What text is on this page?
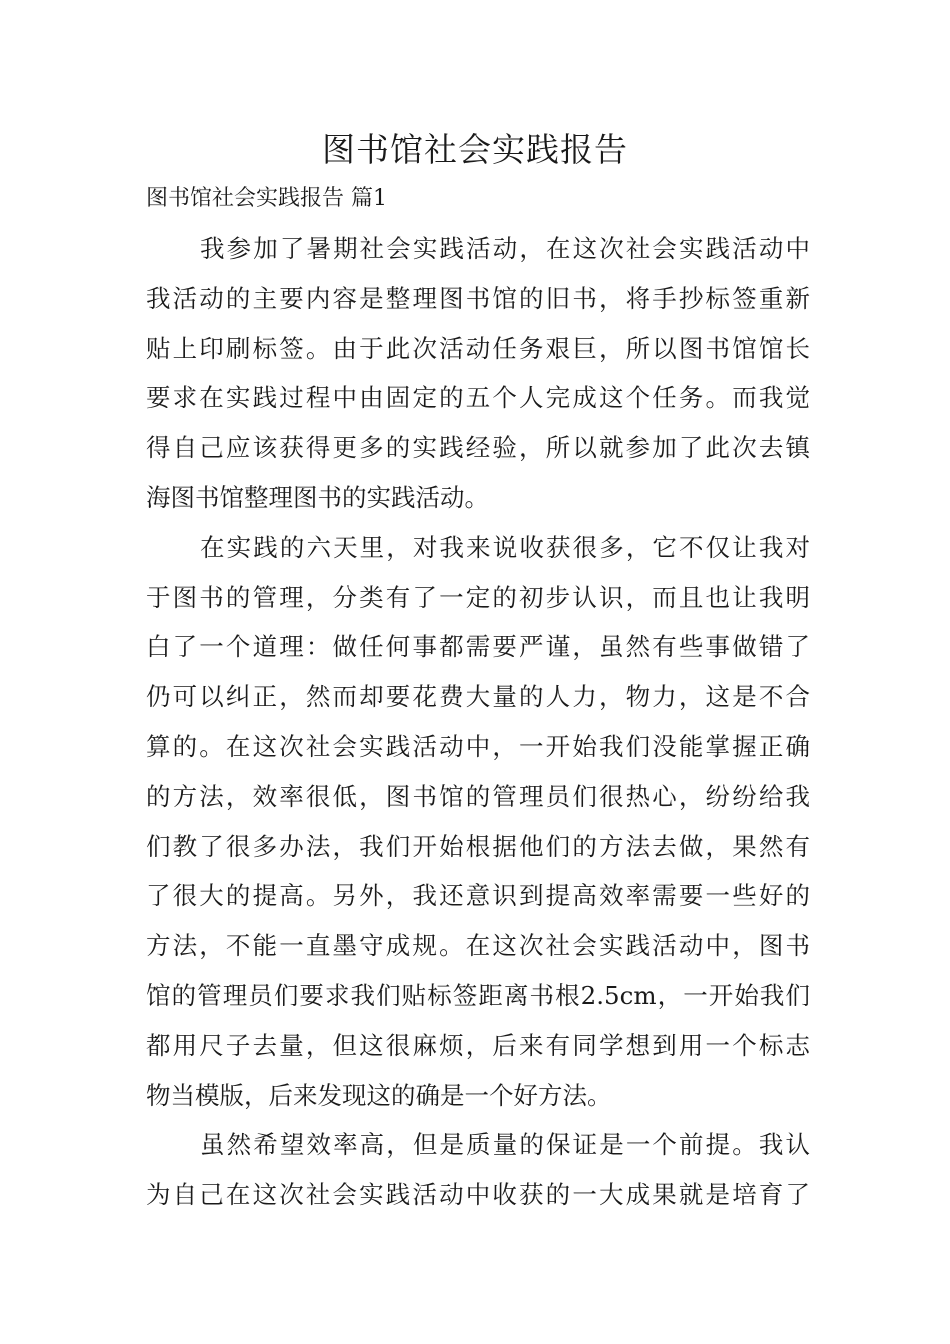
图书馆社会实践报告

图书馆社会实践报告 篇1

我参加了暑期社会实践活动，在这次社会实践活动中
我活动的主要内容是整理图书馆的旧书，将手抄标签重新
贴上印刷标签。由于此次活动任务艰巨，所以图书馆馆长
要求在实践过程中由固定的五个人完成这个任务。而我觉
得自己应该获得更多的实践经验，所以就参加了此次去镇
海图书馆整理图书的实践活动。
在实践的六天里，对我来说收获很多，它不仅让我对
于图书的管理，分类有了一定的初步认识，而且也让我明
白了一个道理：做任何事都需要严谨，虽然有些事做错了
仍可以纠正，然而却要花费大量的人力，物力，这是不合
算的。在这次社会实践活动中，一开始我们没能掌握正确
的方法，效率很低，图书馆的管理员们很热心，纷纷给我
们教了很多办法，我们开始根据他们的方法去做，果然有
了很大的提高。另外，我还意识到提高效率需要一些好的
方法，不能一直墨守成规。在这次社会实践活动中，图书
馆的管理员们要求我们贴标签距离书根2.5cm，一开始我们
都用尺子去量，但这很麻烦，后来有同学想到用一个标志
物当模版，后来发现这的确是一个好方法。
虽然希望效率高，但是质量的保证是一个前提。我认
为自己在这次社会实践活动中收获的一大成果就是培育了
